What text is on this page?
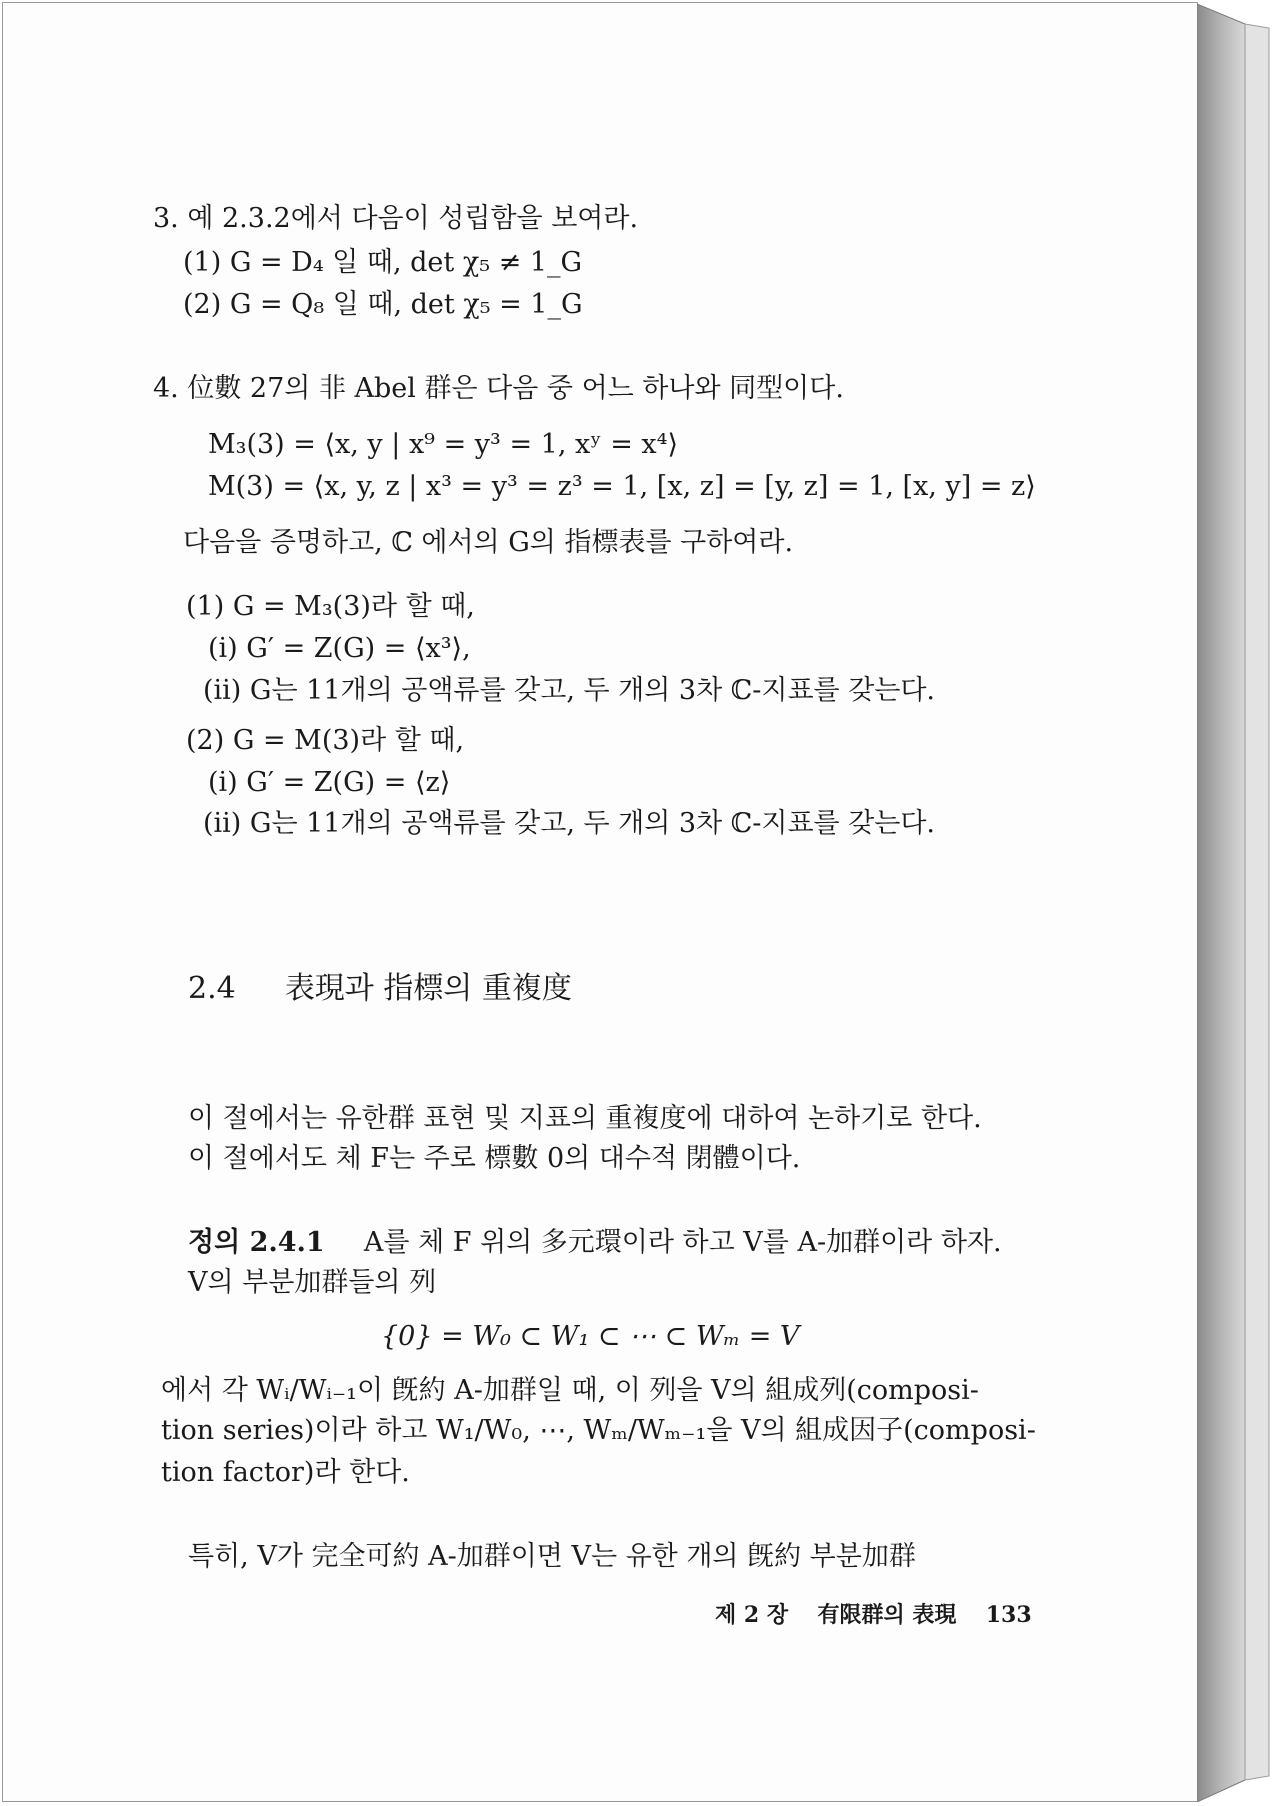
3. 예 2.3.2에서 다음이 성립함을 보여라.
(1) G = D₄ 일 때, det χ₅ ≠ 1_G
(2) G = Q₈ 일 때, det χ₅ = 1_G
4. 位數 27의 非 Abel 群은 다음 중 어느 하나와 同型이다.
M₃(3) = ⟨x, y | x⁹ = y³ = 1, xʸ = x⁴⟩
M(3) = ⟨x, y, z | x³ = y³ = z³ = 1, [x, z] = [y, z] = 1, [x, y] = z⟩
다음을 증명하고, ℂ 에서의 G의 指標表를 구하여라.
(1) G = M₃(3)라 할 때,
(i) G′ = Z(G) = ⟨x³⟩,
(ii) G는 11개의 공액류를 갖고, 두 개의 3차 ℂ-지표를 갖는다.
(2) G = M(3)라 할 때,
(i) G′ = Z(G) = ⟨z⟩
(ii) G는 11개의 공액류를 갖고, 두 개의 3차 ℂ-지표를 갖는다.
2.4 表現과 指標의 重複度
이 절에서는 유한群 표현 및 지표의 重複度에 대하여 논하기로 한다.
이 절에서도 체 F는 주로 標數 0의 대수적 閉體이다.
정의 2.4.1 A를 체 F 위의 多元環이라 하고 V를 A-加群이라 하자.
V의 부분加群들의 列
{0} = W₀ ⊂ W₁ ⊂ ⋯ ⊂ Wₘ = V
에서 각 Wᵢ/Wᵢ₋₁이 旣約 A-加群일 때, 이 列을 V의 組成列(composi-
tion series)이라 하고 W₁/W₀, ⋯, Wₘ/Wₘ₋₁을 V의 組成因子(composi-
tion factor)라 한다.
특히, V가 完全可約 A-加群이면 V는 유한 개의 旣約 부분加群
제 2 장 有限群의 表現 133
